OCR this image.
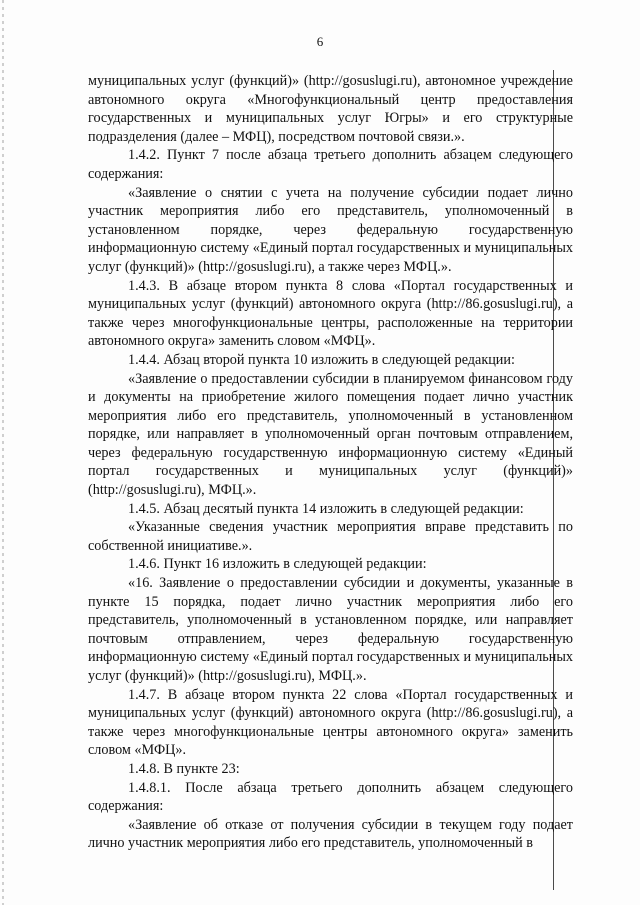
6

муниципальных услуг (функций)» (http://gosuslugi.ru), автономное учреждение автономного округа «Многофункциональный центр предоставления государственных и муниципальных услуг Югры» и его структурные подразделения (далее – МФЦ), посредством почтовой связи.».

1.4.2. Пункт 7 после абзаца третьего дополнить абзацем следующего содержания:

«Заявление о снятии с учета на получение субсидии подает лично участник мероприятия либо его представитель, уполномоченный в установленном порядке, через федеральную государственную информационную систему «Единый портал государственных и муниципальных услуг (функций)» (http://gosuslugi.ru), а также через МФЦ.».

1.4.3. В абзаце втором пункта 8 слова «Портал государственных и муниципальных услуг (функций) автономного округа (http://86.gosuslugi.ru), а также через многофункциональные центры, расположенные на территории автономного округа» заменить словом «МФЦ».

1.4.4. Абзац второй пункта 10 изложить в следующей редакции:

«Заявление о предоставлении субсидии в планируемом финансовом году и документы на приобретение жилого помещения подает лично участник мероприятия либо его представитель, уполномоченный в установленном порядке, или направляет в уполномоченный орган почтовым отправлением, через федеральную государственную информационную систему «Единый портал государственных и муниципальных услуг (функций)» (http://gosuslugi.ru), МФЦ.».

1.4.5. Абзац десятый пункта 14 изложить в следующей редакции:

«Указанные сведения участник мероприятия вправе представить по собственной инициативе.».

1.4.6. Пункт 16 изложить в следующей редакции:

«16. Заявление о предоставлении субсидии и документы, указанные в пункте 15 порядка, подает лично участник мероприятия либо его представитель, уполномоченный в установленном порядке, или направляет почтовым отправлением, через федеральную государственную информационную систему «Единый портал государственных и муниципальных услуг (функций)» (http://gosuslugi.ru), МФЦ.».

1.4.7. В абзаце втором пункта 22 слова «Портал государственных и муниципальных услуг (функций) автономного округа (http://86.gosuslugi.ru), а также через многофункциональные центры автономного округа» заменить словом «МФЦ».

1.4.8. В пункте 23:

1.4.8.1. После абзаца третьего дополнить абзацем следующего содержания:

«Заявление об отказе от получения субсидии в текущем году подает лично участник мероприятия либо его представитель, уполномоченный в
